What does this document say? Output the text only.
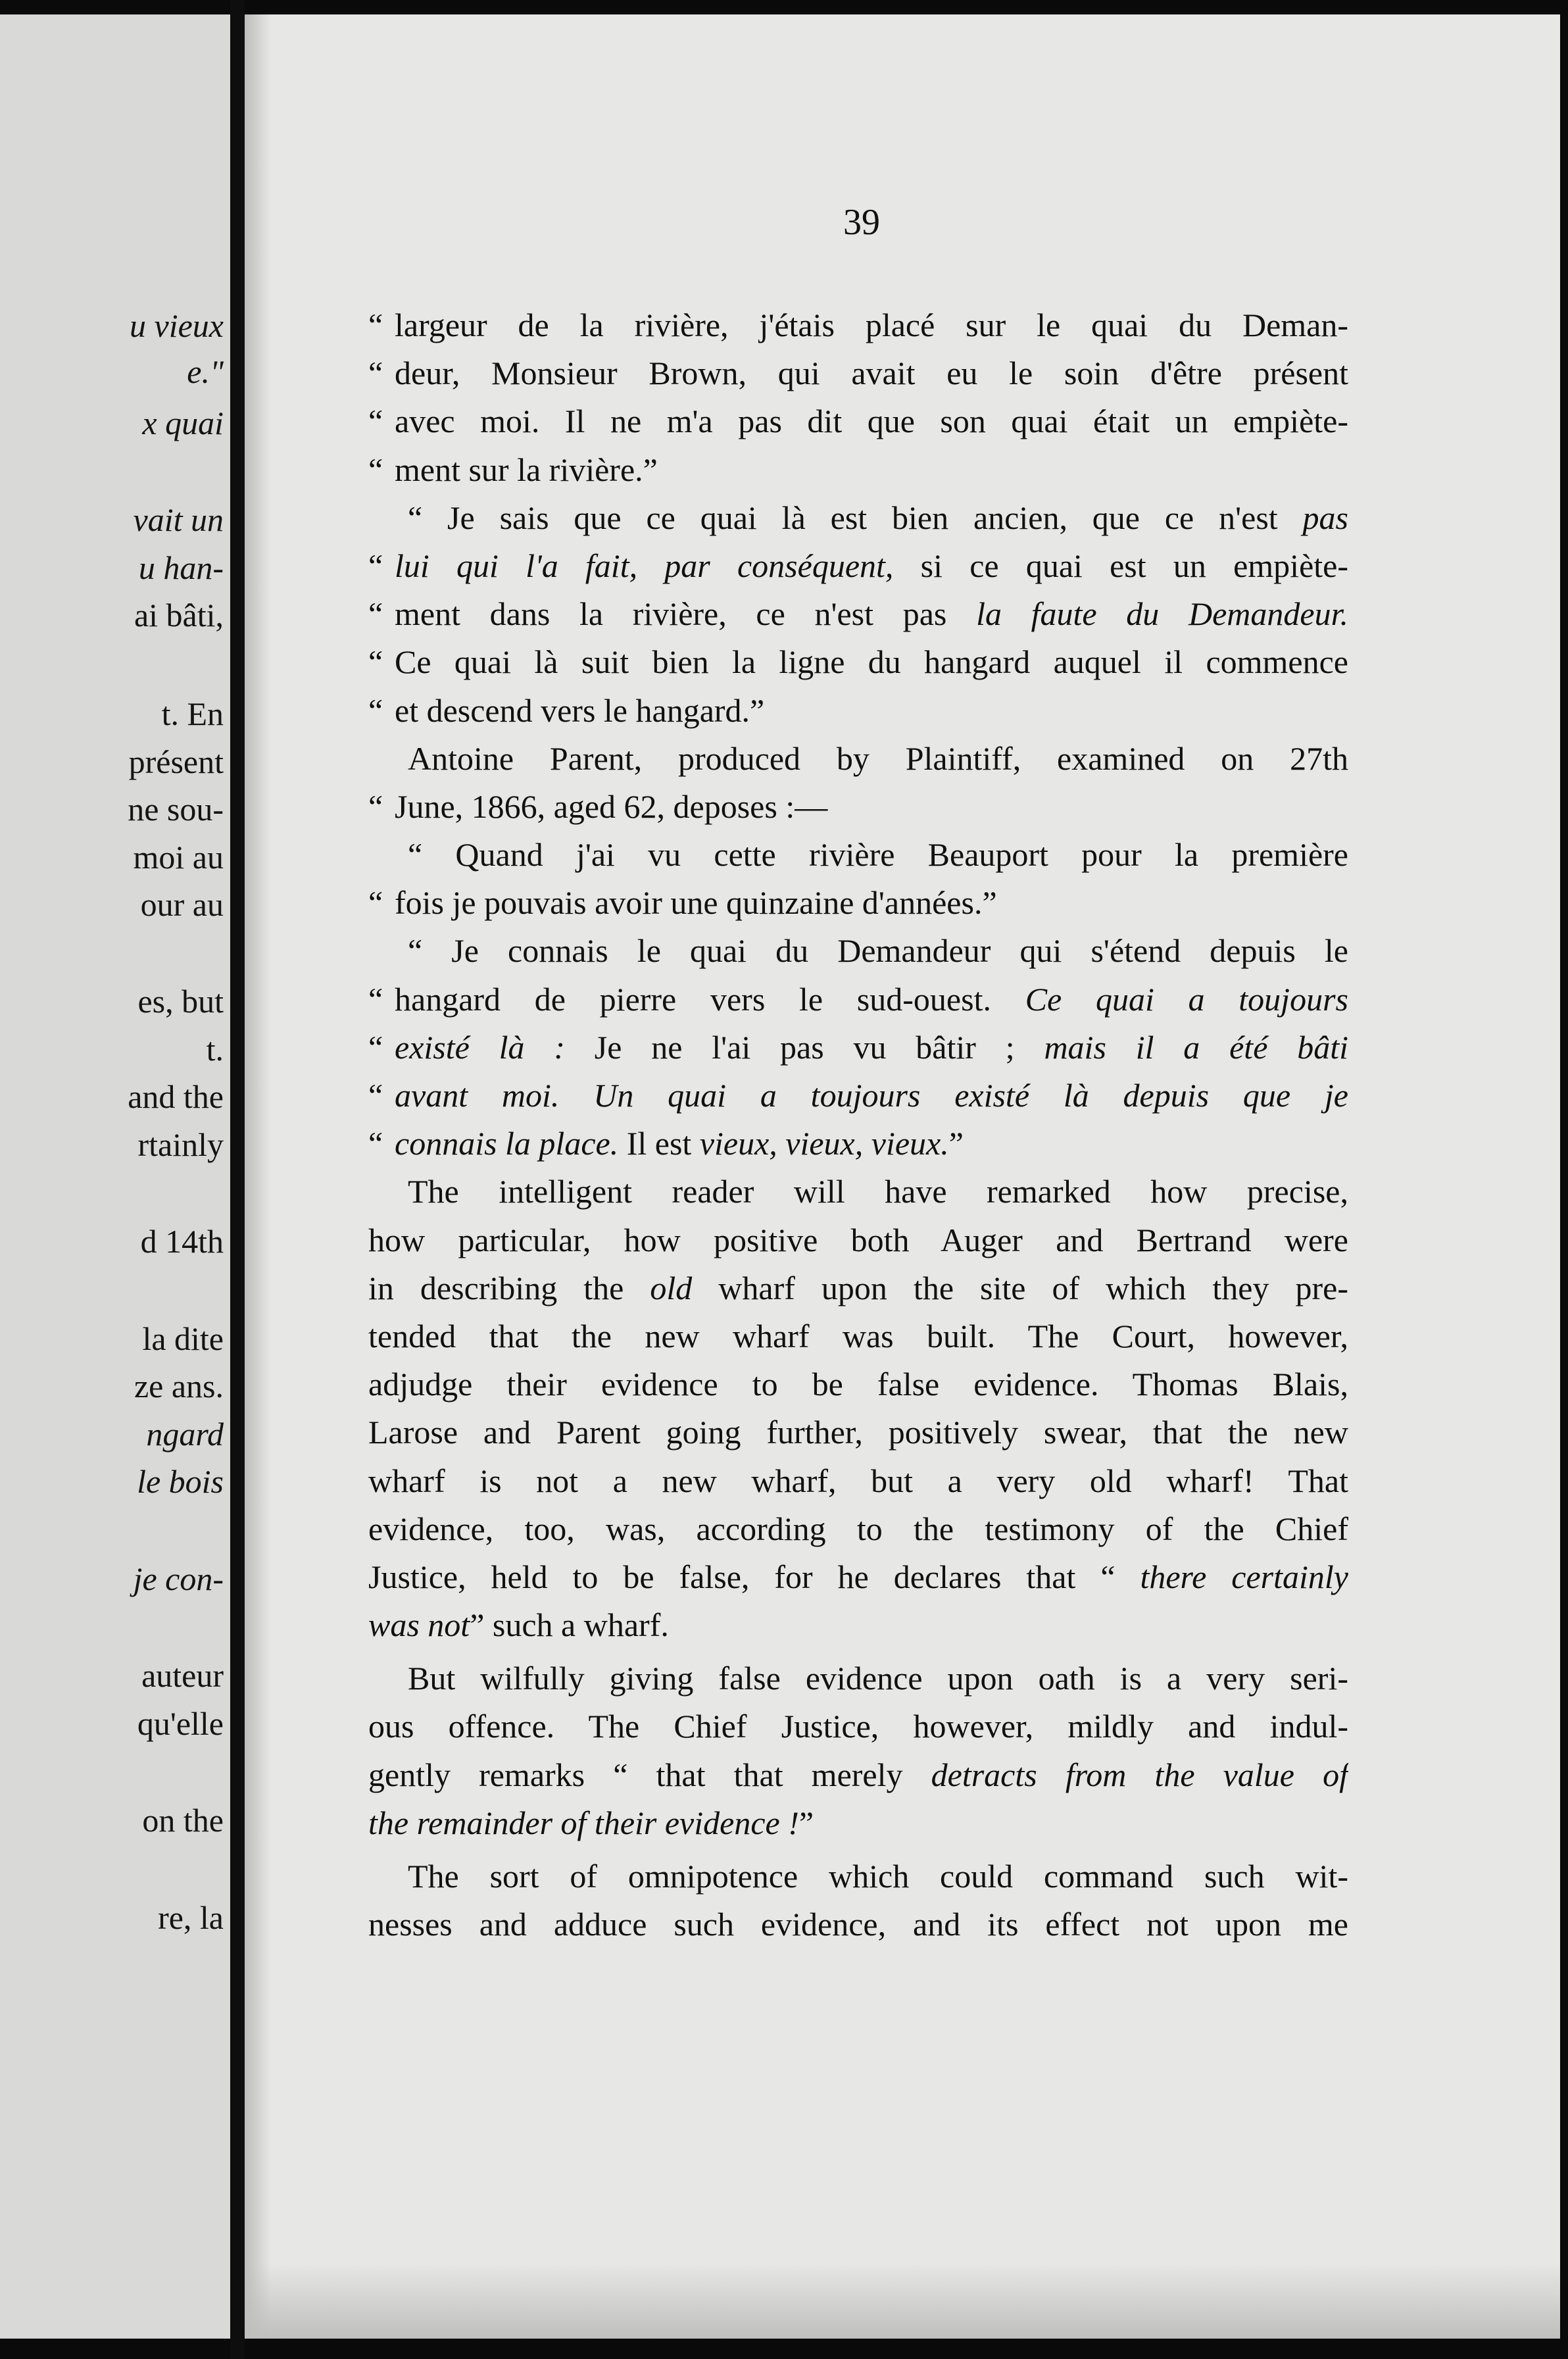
u vieux
e."
x quai
vait un
u han-
ai bâti,
t. En
présent
ne sou-
moi au
our au
es, but
t.
and the
rtainly
d 14th
la dite
ze ans.
ngard
le bois
je con-
auteur
qu'elle
on the
re, la
39
“ largeur de la rivière, j'étais placé sur le quai du Deman-
“ deur, Monsieur Brown, qui avait eu le soin d'être présent
“ avec moi. Il ne m'a pas dit que son quai était un empiète-
“ ment sur la rivière.”
“ Je sais que ce quai là est bien ancien, que ce n'est pas
“ lui qui l'a fait, par conséquent, si ce quai est un empiète-
“ ment dans la rivière, ce n'est pas la faute du Demandeur.
“ Ce quai là suit bien la ligne du hangard auquel il commence
“ et descend vers le hangard.”
Antoine Parent, produced by Plaintiff, examined on 27th
“ June, 1866, aged 62, deposes :—
“ Quand j'ai vu cette rivière Beauport pour la première
“ fois je pouvais avoir une quinzaine d'années.”
“ Je connais le quai du Demandeur qui s'étend depuis le
“ hangard de pierre vers le sud-ouest. Ce quai a toujours
“ existé là : Je ne l'ai pas vu bâtir ; mais il a été bâti
“ avant moi. Un quai a toujours existé là depuis que je
“ connais la place. Il est vieux, vieux, vieux.”
The intelligent reader will have remarked how precise,
how particular, how positive both Auger and Bertrand were
in describing the old wharf upon the site of which they pre-
tended that the new wharf was built. The Court, however,
adjudge their evidence to be false evidence. Thomas Blais,
Larose and Parent going further, positively swear, that the new
wharf is not a new wharf, but a very old wharf! That
evidence, too, was, according to the testimony of the Chief
Justice, held to be false, for he declares that “ there certainly
was not” such a wharf.
But wilfully giving false evidence upon oath is a very seri-
ous offence. The Chief Justice, however, mildly and indul-
gently remarks “ that that merely detracts from the value of
the remainder of their evidence !”
The sort of omnipotence which could command such wit-
nesses and adduce such evidence, and its effect not upon me
